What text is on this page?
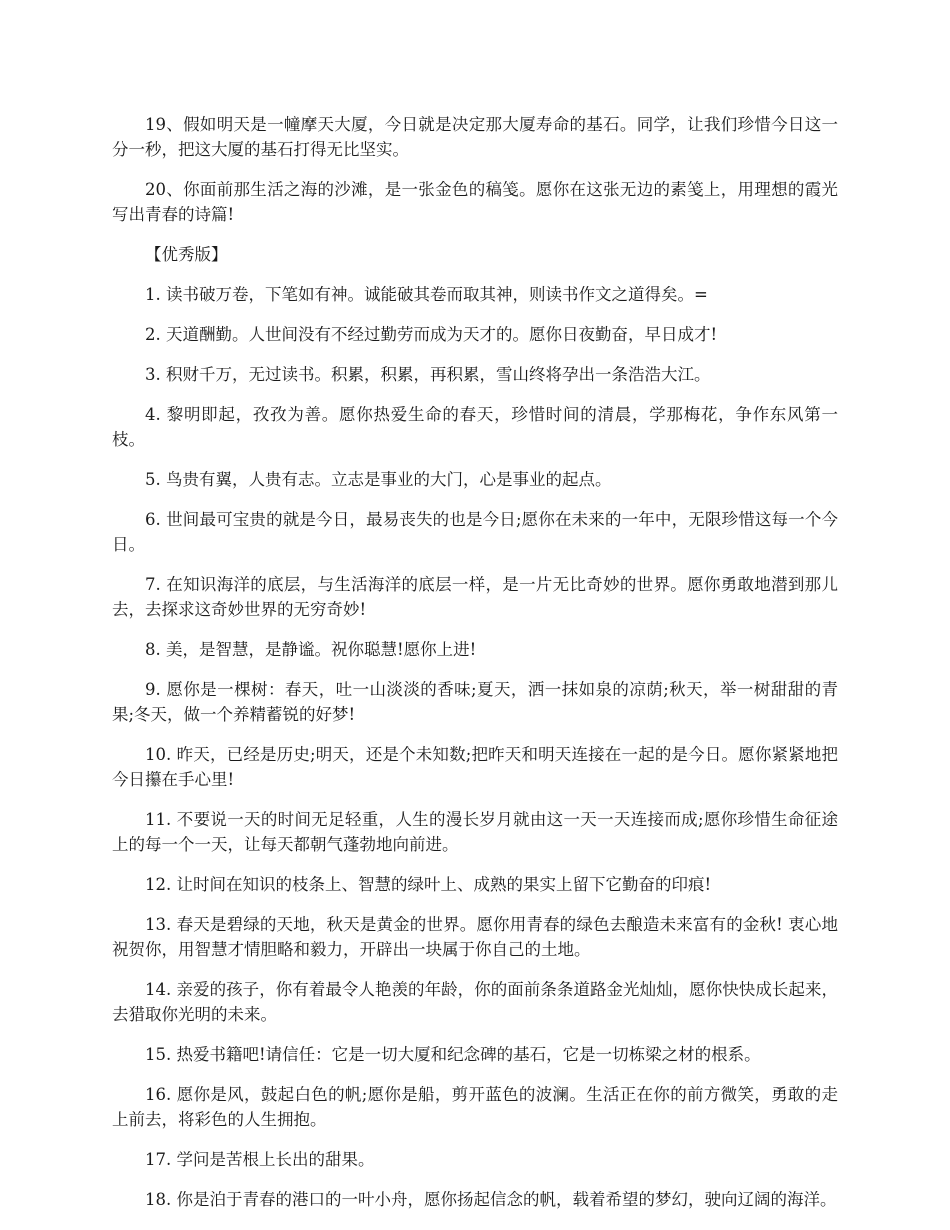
19、假如明天是一幢摩天大厦，今日就是决定那大厦寿命的基石。同学，让我们珍惜今日这一分一秒，把这大厦的基石打得无比坚实。

20、你面前那生活之海的沙滩，是一张金色的稿笺。愿你在这张无边的素笺上，用理想的霞光写出青春的诗篇!

【优秀版】

1. 读书破万卷，下笔如有神。诚能破其卷而取其神，则读书作文之道得矣。=

2. 天道酬勤。人世间没有不经过勤劳而成为天才的。愿你日夜勤奋，早日成才!

3. 积财千万，无过读书。积累，积累，再积累，雪山终将孕出一条浩浩大江。

4. 黎明即起，孜孜为善。愿你热爱生命的春天，珍惜时间的清晨，学那梅花，争作东风第一枝。

5. 鸟贵有翼，人贵有志。立志是事业的大门，心是事业的起点。

6. 世间最可宝贵的就是今日，最易丧失的也是今日;愿你在未来的一年中，无限珍惜这每一个今日。

7. 在知识海洋的底层，与生活海洋的底层一样，是一片无比奇妙的世界。愿你勇敢地潜到那儿去，去探求这奇妙世界的无穷奇妙!

8. 美，是智慧，是静谧。祝你聪慧!愿你上进!

9. 愿你是一棵树：春天，吐一山淡淡的香味;夏天，洒一抹如泉的凉荫;秋天，举一树甜甜的青果;冬天，做一个养精蓄锐的好梦!

10. 昨天，已经是历史;明天，还是个未知数;把昨天和明天连接在一起的是今日。愿你紧紧地把今日攥在手心里!

11. 不要说一天的时间无足轻重，人生的漫长岁月就由这一天一天连接而成;愿你珍惜生命征途上的每一个一天，让每天都朝气蓬勃地向前进。

12. 让时间在知识的枝条上、智慧的绿叶上、成熟的果实上留下它勤奋的印痕!

13. 春天是碧绿的天地，秋天是黄金的世界。愿你用青春的绿色去酿造未来富有的金秋! 衷心地祝贺你，用智慧才情胆略和毅力，开辟出一块属于你自己的土地。

14. 亲爱的孩子，你有着最令人艳羡的年龄，你的面前条条道路金光灿灿，愿你快快成长起来，去猎取你光明的未来。

15. 热爱书籍吧!请信任：它是一切大厦和纪念碑的基石，它是一切栋梁之材的根系。

16. 愿你是风，鼓起白色的帆;愿你是船，剪开蓝色的波澜。生活正在你的前方微笑，勇敢的走上前去，将彩色的人生拥抱。

17. 学问是苦根上长出的甜果。

18. 你是泊于青春的港口的一叶小舟，愿你扬起信念的帆，载着希望的梦幻，驶向辽阔的海洋。
